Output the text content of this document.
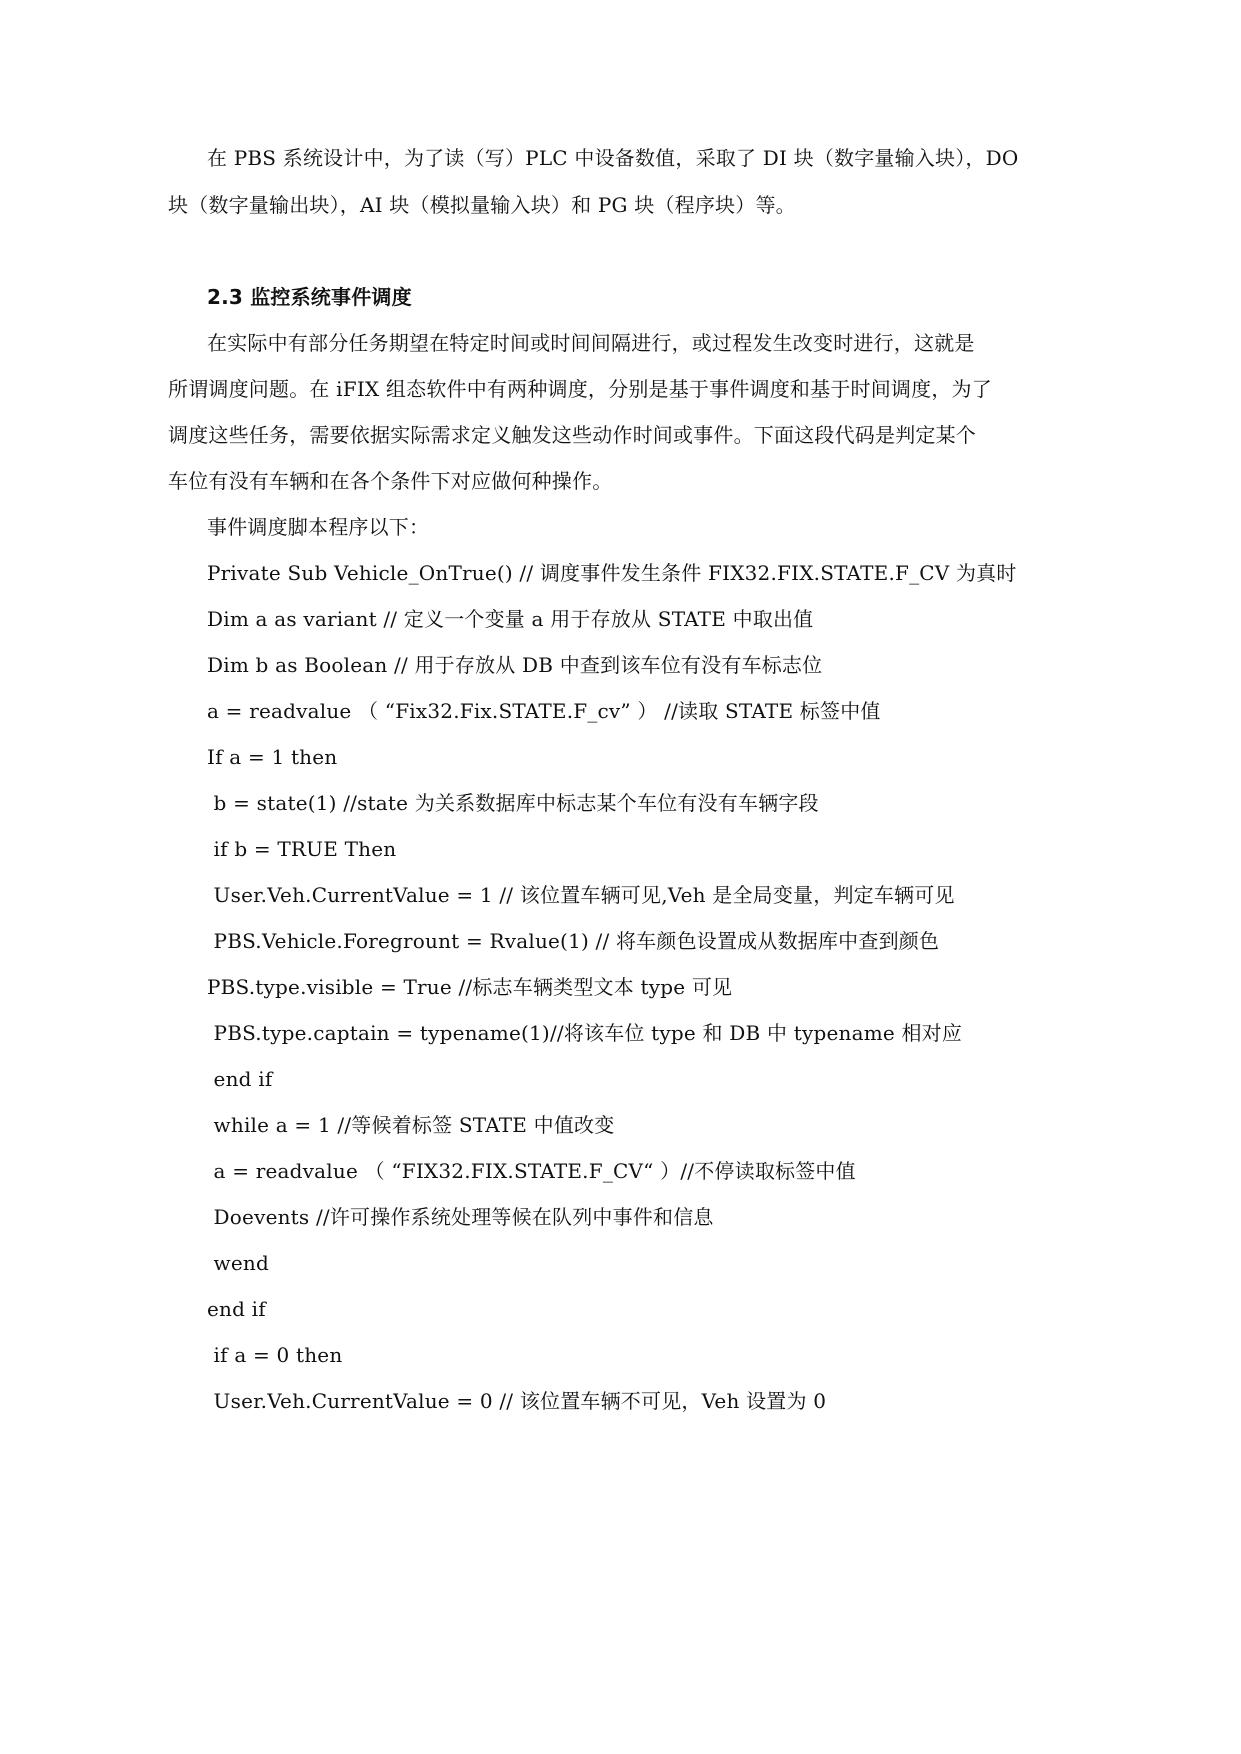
在 PBS 系统设计中，为了读（写）PLC 中设备数值，采取了 DI 块（数字量输入块），DO
块（数字量输出块），AI 块（模拟量输入块）和 PG 块（程序块）等。
2.3 监控系统事件调度
在实际中有部分任务期望在特定时间或时间间隔进行，或过程发生改变时进行，这就是
所谓调度问题。在 iFIX 组态软件中有两种调度，分别是基于事件调度和基于时间调度，为了
调度这些任务，需要依据实际需求定义触发这些动作时间或事件。下面这段代码是判定某个
车位有没有车辆和在各个条件下对应做何种操作。
事件调度脚本程序以下：
Private Sub Vehicle_OnTrue() // 调度事件发生条件 FIX32.FIX.STATE.F_CV 为真时
Dim a as variant // 定义一个变量 a 用于存放从 STATE 中取出值
Dim b as Boolean // 用于存放从 DB 中查到该车位有没有车标志位
a = readvalue （ “Fix32.Fix.STATE.F_cv” ） //读取 STATE 标签中值
If a = 1 then
b = state(1) //state 为关系数据库中标志某个车位有没有车辆字段
if b = TRUE Then
User.Veh.CurrentValue = 1 // 该位置车辆可见,Veh 是全局变量，判定车辆可见
PBS.Vehicle.Foregrount = Rvalue(1) // 将车颜色设置成从数据库中查到颜色
PBS.type.visible = True //标志车辆类型文本 type 可见
PBS.type.captain = typename(1)//将该车位 type 和 DB 中 typename 相对应
end if
while a = 1 //等候着标签 STATE 中值改变
a = readvalue （ “FIX32.FIX.STATE.F_CV“ ）//不停读取标签中值
Doevents //许可操作系统处理等候在队列中事件和信息
wend
end if
if a = 0 then
User.Veh.CurrentValue = 0 // 该位置车辆不可见，Veh 设置为 0
